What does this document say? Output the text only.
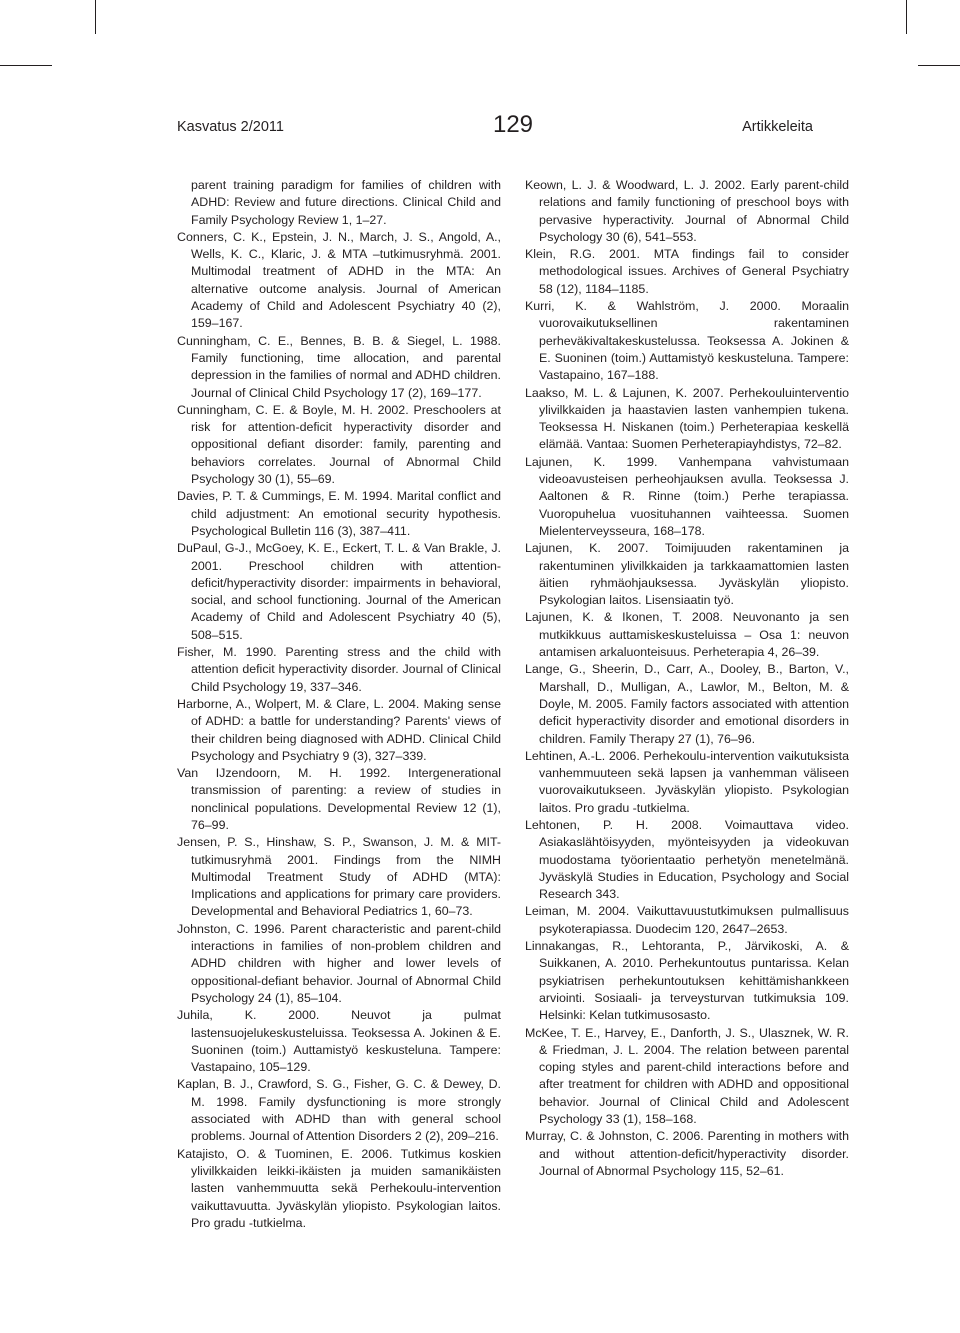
Kasvatus 2/2011	129	Artikkeleita

parent training paradigm for families of children with ADHD: Review and future directions. Clinical Child and Family Psychology Review 1, 1–27.

Conners, C. K., Epstein, J. N., March, J. S., Angold, A., Wells, K. C., Klaric, J. & MTA –tutkimusryhmä. 2001. Multimodal treatment of ADHD in the MTA: An alternative outcome analysis. Journal of American Academy of Child and Adolescent Psychiatry 40 (2), 159–167.

Cunningham, C. E., Bennes, B. B. & Siegel, L. 1988. Family functioning, time allocation, and parental depression in the families of normal and ADHD children. Journal of Clinical Child Psychology 17 (2), 169–177.

Cunningham, C. E. & Boyle, M. H. 2002. Preschoolers at risk for attention-deficit hyperactivity disorder and oppositional defiant disorder: family, parenting and behaviors correlates. Journal of Abnormal Child Psychology 30 (1), 55–69.

Davies, P. T. & Cummings, E. M. 1994. Marital conflict and child adjustment: An emotional security hypothesis. Psychological Bulletin 116 (3), 387–411.

DuPaul, G-J., McGoey, K. E., Eckert, T. L. & Van Brakle, J. 2001. Preschool children with attention-deficit/hyperactivity disorder: impairments in behavioral, social, and school functioning. Journal of the American Academy of Child and Adolescent Psychiatry 40 (5), 508–515.

Fisher, M. 1990. Parenting stress and the child with attention deficit hyperactivity disorder. Journal of Clinical Child Psychology 19, 337–346.

Harborne, A., Wolpert, M. & Clare, L. 2004. Making sense of ADHD: a battle for understanding? Parents' views of their children being diagnosed with ADHD. Clinical Child Psychology and Psychiatry 9 (3), 327–339.

Van IJzendoorn, M. H. 1992. Intergenerational transmission of parenting: a review of studies in nonclinical populations. Developmental Review 12 (1), 76–99.

Jensen, P. S., Hinshaw, S. P., Swanson, J. M. & MIT-tutkimusryhmä 2001. Findings from the NIMH Multimodal Treatment Study of ADHD (MTA): Implications and applications for primary care providers. Developmental and Behavioral Pediatrics 1, 60–73.

Johnston, C. 1996. Parent characteristic and parent-child interactions in families of non-problem children and ADHD children with higher and lower levels of oppositional-defiant behavior. Journal of Abnormal Child Psychology 24 (1), 85–104.

Juhila, K. 2000. Neuvot ja pulmat lastensuojelukeskusteluissa. Teoksessa A. Jokinen & E. Suoninen (toim.) Auttamistyö keskusteluna. Tampere: Vastapaino, 105–129.

Kaplan, B. J., Crawford, S. G., Fisher, G. C. & Dewey, D. M. 1998. Family dysfunctioning is more strongly associated with ADHD than with general school problems. Journal of Attention Disorders 2 (2), 209–216.

Katajisto, O. & Tuominen, E. 2006. Tutkimus koskien ylivilkkaiden leikki-ikäisten ja muiden samanikäisten lasten vanhemmuutta sekä Perhekoulu-intervention vaikuttavuutta. Jyväskylän yliopisto. Psykologian laitos. Pro gradu -tutkielma.

Keown, L. J. & Woodward, L. J. 2002. Early parent-child relations and family functioning of preschool boys with pervasive hyperactivity. Journal of Abnormal Child Psychology 30 (6), 541–553.

Klein, R.G. 2001. MTA findings fail to consider methodological issues. Archives of General Psychiatry 58 (12), 1184–1185.

Kurri, K. & Wahlström, J. 2000. Moraalin vuorovaikutuksellinen rakentaminen perheväkivaltakeskustelussa. Teoksessa A. Jokinen & E. Suoninen (toim.) Auttamistyö keskusteluna. Tampere: Vastapaino, 167–188.

Laakso, M. L. & Lajunen, K. 2007. Perhekouluinterventio ylivilkkaiden ja haastavien lasten vanhempien tukena. Teoksessa H. Niskanen (toim.) Perheterapiaa keskellä elämää. Vantaa: Suomen Perheterapiayhdistys, 72–82.

Lajunen, K. 1999. Vanhempana vahvistumaan videoavusteisen perheohjauksen avulla. Teoksessa J. Aaltonen & R. Rinne (toim.) Perhe terapiassa. Vuoropuhelua vuosituhannen vaihteessa. Suomen Mielenterveysseura, 168–178.

Lajunen, K. 2007. Toimijuuden rakentaminen ja rakentuminen ylivilkkaiden ja tarkkaamattomien lasten äitien ryhmäohjauksessa. Jyväskylän yliopisto. Psykologian laitos. Lisensiaatin työ.

Lajunen, K. & Ikonen, T. 2008. Neuvonanto ja sen mutkikkuus auttamiskeskusteluissa – Osa 1: neuvon antamisen arkaluonteisuus. Perheterapia 4, 26–39.

Lange, G., Sheerin, D., Carr, A., Dooley, B., Barton, V., Marshall, D., Mulligan, A., Lawlor, M., Belton, M. & Doyle, M. 2005. Family factors associated with attention deficit hyperactivity disorder and emotional disorders in children. Family Therapy 27 (1), 76–96.

Lehtinen, A.-L. 2006. Perhekoulu-intervention vaikutuksista vanhemmuuteen sekä lapsen ja vanhemman väliseen vuorovaikutukseen. Jyväskylän yliopisto. Psykologian laitos. Pro gradu -tutkielma.

Lehtonen, P. H. 2008. Voimauttava video. Asiakaslähtöisyyden, myönteisyyden ja videokuvan muodostama työorientaatio perhetyön menetelmänä. Jyväskylä Studies in Education, Psychology and Social Research 343.

Leiman, M. 2004. Vaikuttavuustutkimuksen pulmallisuus psykoterapiassa. Duodecim 120, 2647–2653.

Linnakangas, R., Lehtoranta, P., Järvikoski, A. & Suikkanen, A. 2010. Perhekuntoutus puntarissa. Kelan psykiatrisen perhekuntoutuksen kehittämishankkeen arviointi. Sosiaali- ja terveysturvan tutkimuksia 109. Helsinki: Kelan tutkimusosasto.

McKee, T. E., Harvey, E., Danforth, J. S., Ulasznek, W. R. & Friedman, J. L. 2004. The relation between parental coping styles and parent-child interactions before and after treatment for children with ADHD and oppositional behavior. Journal of Clinical Child and Adolescent Psychology 33 (1), 158–168.

Murray, C. & Johnston, C. 2006. Parenting in mothers with and without attention-deficit/hyperactivity disorder. Journal of Abnormal Psychology 115, 52–61.
